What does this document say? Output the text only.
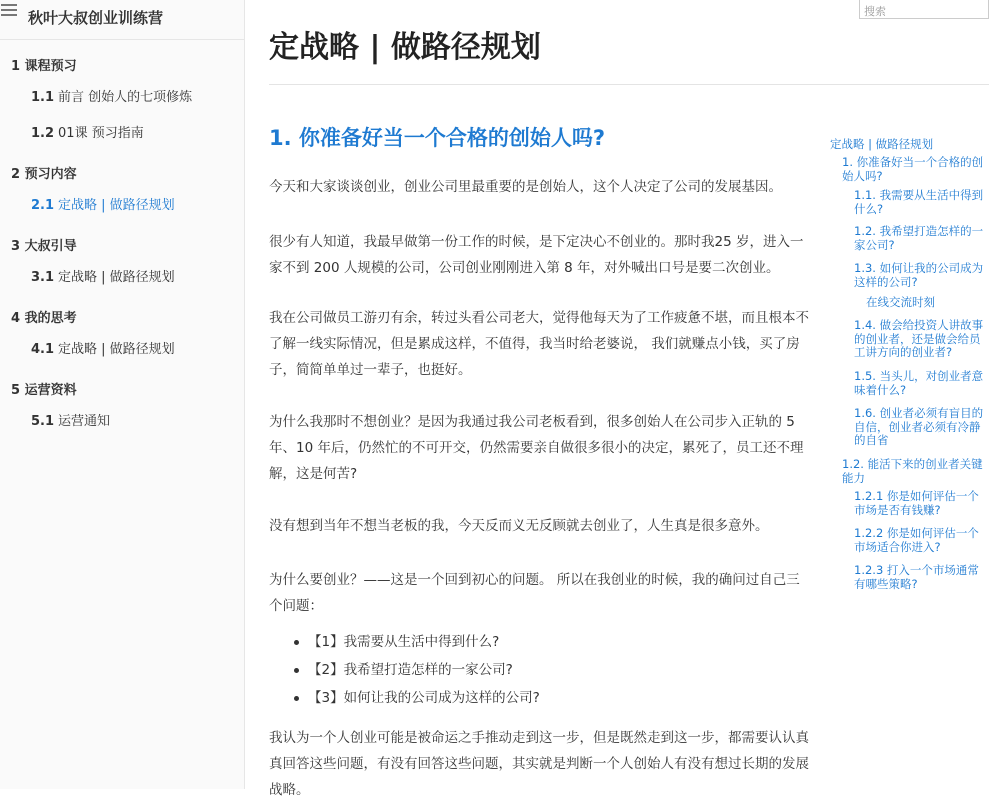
秋叶大叔创业训练营
1 课程预习
1.1 前言 创始人的七项修炼
1.2 01课 预习指南
2 预习内容
2.1 定战略 | 做路径规划
3 大叔引导
3.1 定战略 | 做路径规划
4 我的思考
4.1 定战略 | 做路径规划
5 运营资料
5.1 运营通知
搜索
定战略 | 做路径规划
1. 你准备好当一个合格的创始人吗?

今天和大家谈谈创业，创业公司里最重要的是创始人，这个人决定了公司的发展基因。

很少有人知道，我最早做第一份工作的时候，是下定决心不创业的。那时我25 岁，进入一家不到 200 人规模的公司，公司创业刚刚进入第 8 年，对外喊出口号是要二次创业。

我在公司做员工游刃有余，转过头看公司老大，觉得他每天为了工作疲惫不堪，而且根本不了解一线实际情况，但是累成这样，不值得，我当时给老婆说， 我们就赚点小钱，买了房子，简简单单过一辈子，也挺好。

为什么我那时不想创业？是因为我通过我公司老板看到，很多创始人在公司步入正轨的 5 年、10 年后，仍然忙的不可开交，仍然需要亲自做很多很小的决定，累死了，员工还不理解，这是何苦?

没有想到当年不想当老板的我，今天反而义无反顾就去创业了，人生真是很多意外。

为什么要创业？——这是一个回到初心的问题。 所以在我创业的时候，我的确问过自己三个问题：

【1】我需要从生活中得到什么?
【2】我希望打造怎样的一家公司?
【3】如何让我的公司成为这样的公司?

我认为一个人创业可能是被命运之手推动走到这一步，但是既然走到这一步，都需要认认真真回答这些问题，有没有回答这些问题，其实就是判断一个人创始人有没有想过长期的发展战略。

定战略 | 做路径规划
1. 你准备好当一个合格的创始人吗?
1.1. 我需要从生活中得到什么?
1.2. 我希望打造怎样的一家公司?
1.3. 如何让我的公司成为这样的公司?
在线交流时刻
1.4. 做会给投资人讲故事的创业者，还是做会给员工讲方向的创业者?
1.5. 当头儿，对创业者意味着什么?
1.6. 创业者必须有盲目的自信，创业者必须有冷静的自省
1.2. 能活下来的创业者关键能力
1.2.1 你是如何评估一个市场是否有钱赚?
1.2.2 你是如何评估一个市场适合你进入?
1.2.3 打入一个市场通常有哪些策略?
